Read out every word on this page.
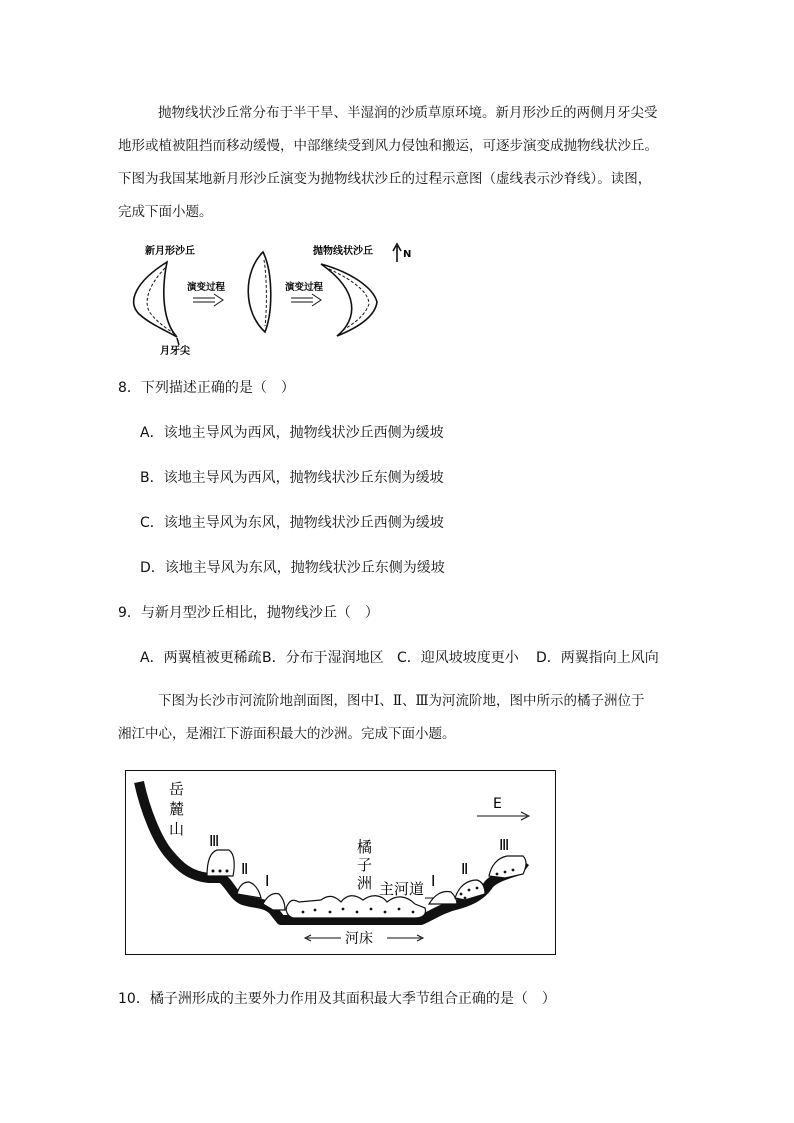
抛物线状沙丘常分布于半干旱、半湿润的沙质草原环境。新月形沙丘的两侧月牙尖受

地形或植被阻挡而移动缓慢，中部继续受到风力侵蚀和搬运，可逐步演变成抛物线状沙丘。

下图为我国某地新月形沙丘演变为抛物线状沙丘的过程示意图（虚线表示沙脊线）。读图，

完成下面小题。

新月形沙丘
月牙尖
演变过程	演变过程
抛物线状沙丘	N
8．下列描述正确的是（　）
A．该地主导风为西风，抛物线状沙丘西侧为缓坡
B．该地主导风为西风，抛物线状沙丘东侧为缓坡
C．该地主导风为东风，抛物线状沙丘西侧为缓坡
D．该地主导风为东风，抛物线状沙丘东侧为缓坡
9．与新月型沙丘相比，抛物线沙丘（　）
A．两翼植被更稀疏 B．分布于湿润地区 C．迎风坡坡度更小 D．两翼指向上风向

下图为长沙市河流阶地剖面图，图中Ⅰ、Ⅱ、Ⅲ为河流阶地，图中所示的橘子洲位于

湘江中心，是湘江下游面积最大的沙洲。完成下面小题。

河床
E
岳
麓
山
橘
子
洲 主河道
Ⅲ
Ⅱ
Ⅰ	Ⅰ
Ⅱ
Ⅲ
10．橘子洲形成的主要外力作用及其面积最大季节组合正确的是（　）
